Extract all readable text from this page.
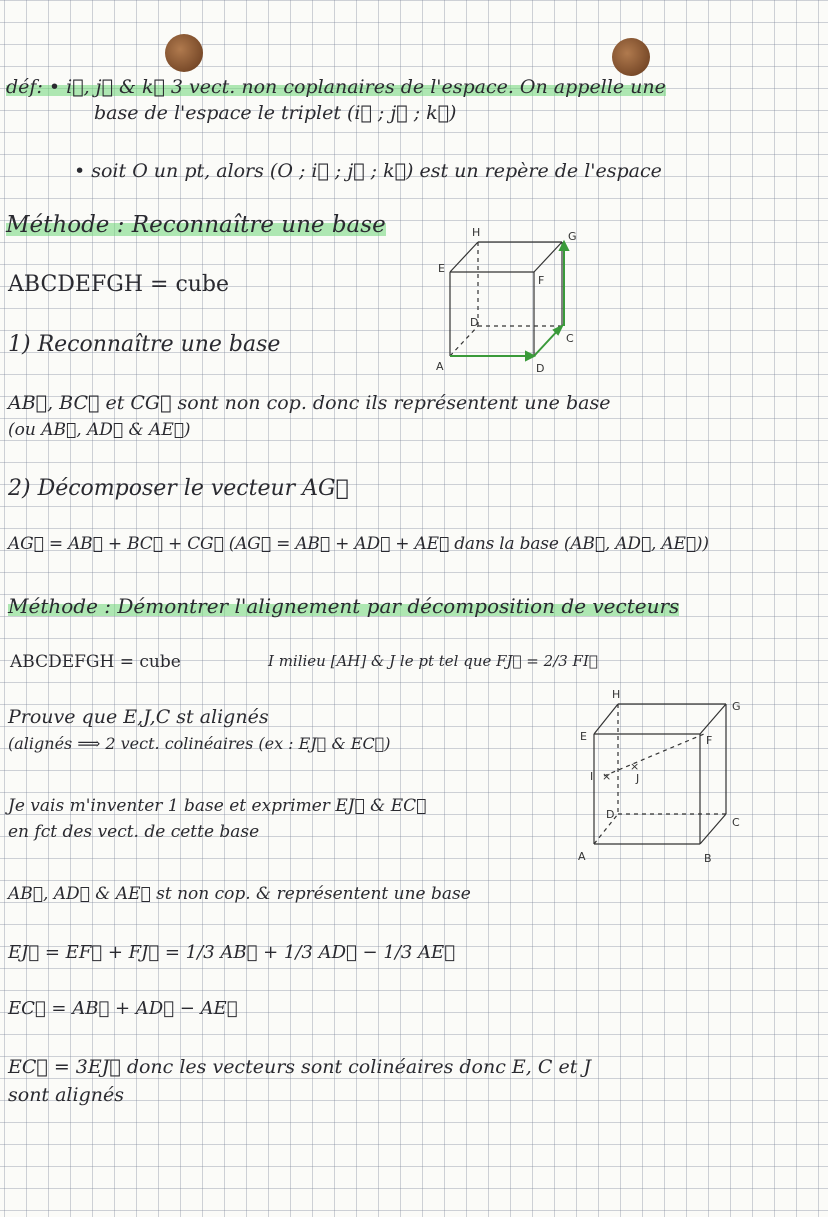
déf: • i⃗, j⃗ & k⃗ 3 vect. non coplanaires de l'espace. On appelle une
base de l'espace le triplet (i⃗ ; j⃗ ; k⃗)
• soit O un pt, alors (O ; i⃗ ; j⃗ ; k⃗) est un repère de l'espace
Méthode : Reconnaître une base
ABCDEFGH = cube
1) Reconnaître une base
AB⃗, BC⃗ et CG⃗ sont non cop. donc ils représentent une base
(ou AB⃗, AD⃗ & AE⃗)
2) Décomposer le vecteur AG⃗
AG⃗ = AB⃗ + BC⃗ + CG⃗ (AG⃗ = AB⃗ + AD⃗ + AE⃗ dans la base (AB⃗, AD⃗, AE⃗))
H	G
E
F
D
C
A	D
Méthode : Démontrer l'alignement par décomposition de vecteurs
ABCDEFGH = cube	I milieu [AH] & J le pt tel que FJ⃗ = 2/3 FI⃗
Prouve que E,J,C st alignés
(alignés ⟹ 2 vect. colinéaires (ex : EJ⃗ & EC⃗)
Je vais m'inventer 1 base et exprimer EJ⃗ & EC⃗
en fct des vect. de cette base
AB⃗, AD⃗ & AE⃗ st non cop. & représentent une base
EJ⃗ = EF⃗ + FJ⃗ = 1/3 AB⃗ + 1/3 AD⃗ − 1/3 AE⃗
EC⃗ = AB⃗ + AD⃗ − AE⃗
EC⃗ = 3EJ⃗ donc les vecteurs sont colinéaires donc E, C et J
sont alignés
H
G
E	F
I	J
D
C
A	B
×
×
